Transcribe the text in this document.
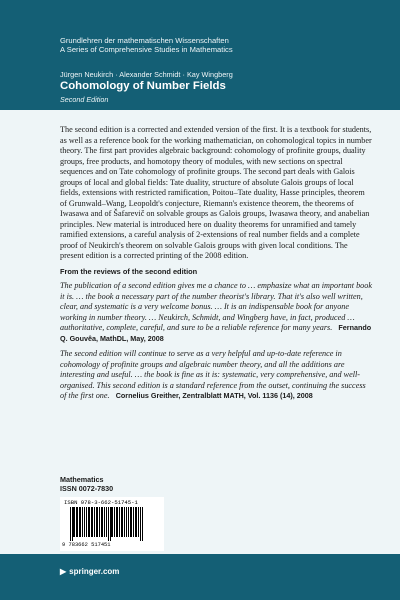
Grundlehren der mathematischen Wissenschaften
A Series of Comprehensive Studies in Mathematics
Jürgen Neukirch · Alexander Schmidt · Kay Wingberg
Cohomology of Number Fields
Second Edition

The second edition is a corrected and extended version of the first. It is a textbook for students, as well as a reference book for the working mathematician, on cohomological topics in number theory. The first part provides algebraic background: cohomology of profinite groups, duality groups, free products, and homotopy theory of modules, with new sections on spectral sequences and on Tate cohomology of profinite groups. The second part deals with Galois groups of local and global fields: Tate duality, structure of absolute Galois groups of local fields, extensions with restricted ramification, Poitou–Tate duality, Hasse principles, theorem of Grunwald–Wang, Leopoldt's conjecture, Riemann's existence theorem, the theorems of Iwasawa and of Šafarevič on solvable groups as Galois groups, Iwasawa theory, and anabelian principles. New material is introduced here on duality theorems for unramified and tamely ramified extensions, a careful analysis of 2-extensions of real number fields and a complete proof of Neukirch's theorem on solvable Galois groups with given local conditions. The present edition is a corrected printing of the 2008 edition.

From the reviews of the second edition

The publication of a second edition gives me a chance to … emphasize what an important book it is. … the book a necessary part of the number theorist's library. That it's also well written, clear, and systematic is a very welcome bonus. … It is an indispensable book for anyone working in number theory. … Neukirch, Schmidt, and Wingberg have, in fact, produced … authoritative, complete, careful, and sure to be a reliable reference for many years. Fernando Q. Gouvêa, MathDL, May, 2008

The second edition will continue to serve as a very helpful and up-to-date reference in cohomology of profinite groups and algebraic number theory, and all the additions are interesting and useful. … the book is fine as it is: systematic, very comprehensive, and well-organised. This second edition is a standard reference from the outset, continuing the success of the first one. Cornelius Greither, Zentralblatt MATH, Vol. 1136 (14), 2008

Mathematics
ISSN 0072-7830
ISBN 978-3-662-51745-1
9 783662 517451
▶ springer.com
